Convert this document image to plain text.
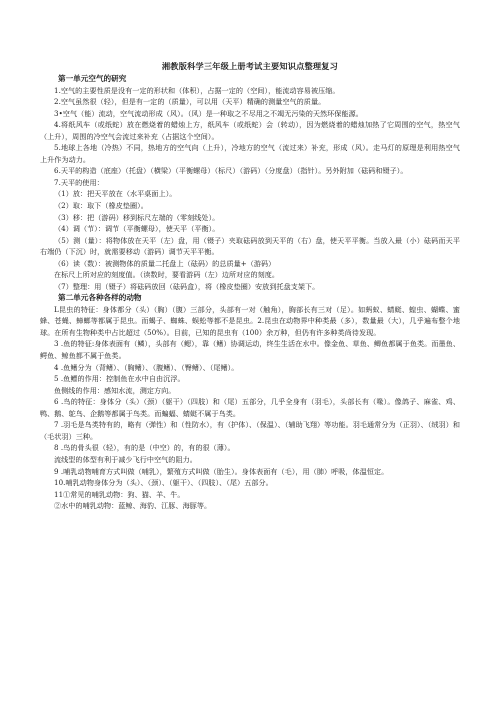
湘教版科学三年级上册考试主要知识点整理复习
第一单元空气的研究

1.空气的主要性质是没有一定的形状和（体积），占据一定的（空间），能流动容易被压缩。

2.空气虽然很（轻），但是有一定的（质量），可以用（天平）精确的测量空气的质量。

3•空气（能）流动，空气流动形成（风）。（风）是一种取之不尽用之不竭无污染的天然环保能源。

4.将纸风车（或纸蛇）放在燃烧着的蜡烛上方，纸风车（或纸蛇）会（转动），因为燃烧着的蜡烛加热了它周围的空气，热空气（上升），周围的冷空气会流过来补充（占据这个空间）。

5.地球上各地（冷热）不同，热地方的空气向（上升），冷地方的空气（流过来）补充，形成（风）。走马灯的原理是利用热空气上升作为动力。

6.天平的构造（底座）（托盘）（横梁）（平衡螺母）（标尺）（游码）（分度盘）（指针）。另外附加（砝码和镊子）。

7.天平的使用：

（1）放：把天平放在（水平桌面上）。

（2）取：取下（橡皮垫圈）。

（3）移：把（游码）移到标尺左端的（零刻线处）。

（4）调（节）：调节（平衡螺母），使天平（平衡）。

（5）测（量）：将物体放在天平（左）盘，用（镊子）夹取砝码放到天平的（右）盘，使天平平衡。当放入最（小）砝码而天平右端仍（下沉）时，就需要移动（游码）调节天平平衡。

（6）读（数）：被测物体的质量二托盘上（砝码）的总质量+（游码）

在标尺上所对应的刻度值。（读数时，要看游码（左）边所对应的刻度。

（7）整理：用（镊子）将砝码放回（砝码盒），将（橡皮垫圈）安放到托盘支架下。

第二单元各种各样的动物

L昆虫的特征：身体都分（头）（胸）（腹）三部分，头部有一对（触角），胸部长有三对（足）。如蚂蚁、蜻蜓、蝗虫、蝴蝶、蜜蜂、苍蝇、蟑螂等都属于昆虫。而蝎子、蜘蛛、蜈蚣等都不是昆虫。2.昆虫在动物界中种类最（多），数量最（大），几乎遍布整个地球。在所有生物种类中占比超过（50%）。目前，已知的昆虫有（100）余万种，但仍有许多种类尚待发现。

3 .鱼的特征:身体表面有（鳞），头部有（鳃），靠（鳍）协调运动，终生生活在水中。像金鱼、草鱼、鲫鱼都属于鱼类。而墨鱼、鳄鱼、鲸鱼都不属于鱼类。

4 .鱼鳍分为（背鳍）、（胸鳍）、（腹鳍）、（臀鳍）、（尾鳍）。

5 .鱼鳔的作用：控制鱼在水中自由沉浮。

鱼侧线的作用：感知水流，测定方向。

6 .鸟的特征：身体分（头）（颈）（躯干）（四肢）和（尾）五部分，几乎全身有（羽毛），头部长有（喙）。像鸽子、麻雀、鸡、鸭、鹅、鸵鸟、企鹅等都属于鸟类。而蝙蝠、蜻蜓不属于鸟类。

7 .羽毛是鸟类特有的，略有（弹性）和（性防水），有（护体）、（保温）、（辅助飞翔）等功能。羽毛通常分为（正羽）、（绒羽）和（毛状羽）三种。

8 .鸟的骨头很（轻），有的是（中空）的，有的很（薄）。

流线型的体型有利于减少飞行中空气的阻力。

9 .哺乳动物哺育方式叫做（哺乳），繁殖方式叫做（胎生）。身体表面有（毛），用（肺）呼吸，体温恒定。

10.哺乳动物身体分为（头）、（颈）、（躯干）、（四肢）、（尾）五部分。

11①常见的哺乳动物：狗、猫、羊、牛。

②水中的哺乳动物：蓝鲸、海豹、江豚、海豚等。
